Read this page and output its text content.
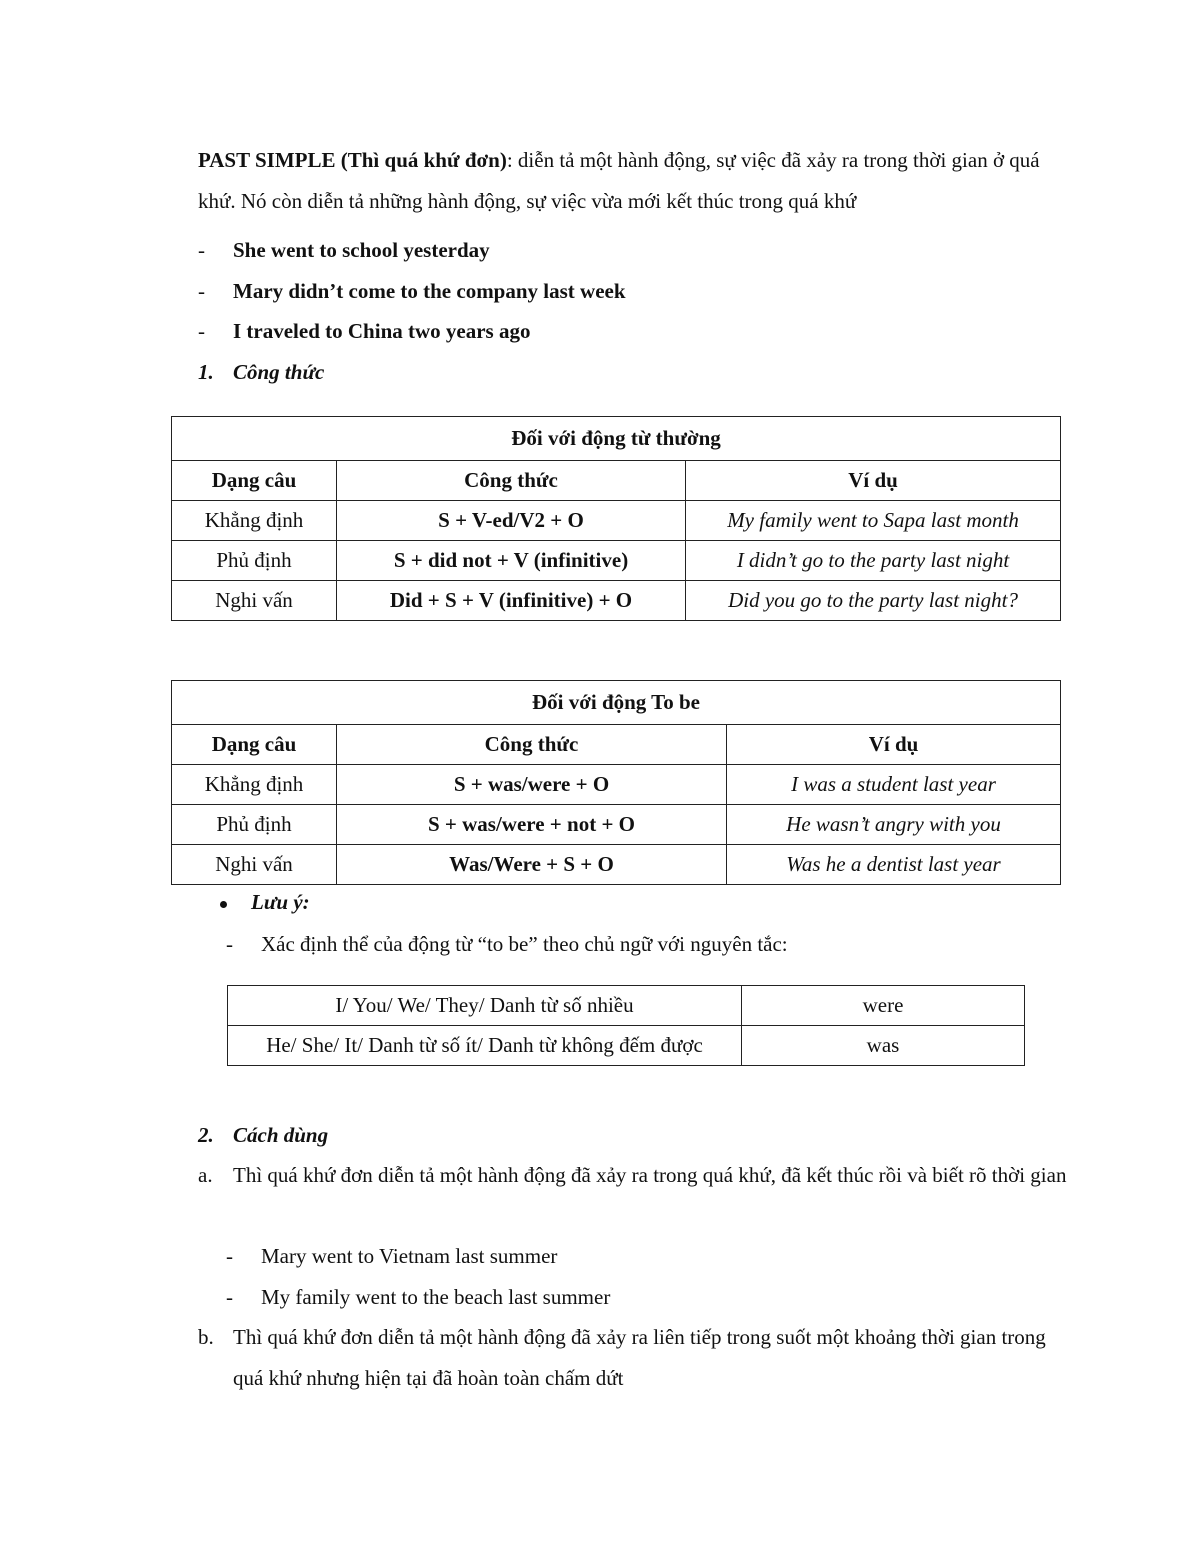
PAST SIMPLE (Thì quá khứ đơn): diễn tả một hành động, sự việc đã xảy ra trong thời gian ở quá khứ. Nó còn diễn tả những hành động, sự việc vừa mới kết thúc trong quá khứ
- She went to school yesterday
- Mary didn’t come to the company last week
- I traveled to China two years ago
1. Công thức
Đối với động từ thường		
Dạng câu	Công thức	Ví dụ
Khẳng định	S + V-ed/V2 + O	My family went to Sapa last month
Phủ định	S + did not + V (infinitive)	I didn’t go to the party last night
Nghi vấn	Did + S + V (infinitive) + O	Did you go to the party last night?
Đối với động To be		
Dạng câu	Công thức	Ví dụ
Khẳng định	S + was/were + O	I was a student last year
Phủ định	S + was/were + not + O	He wasn’t angry with you
Nghi vấn	Was/Were + S + O	Was he a dentist last year
Lưu ý:
- Xác định thể của động từ “to be” theo chủ ngữ với nguyên tắc:
I/ You/ We/ They/ Danh từ số nhiều	were
He/ She/ It/ Danh từ số ít/ Danh từ không đếm được	was
2. Cách dùng
a. Thì quá khứ đơn diễn tả một hành động đã xảy ra trong quá khứ, đã kết thúc rồi và biết rõ thời gian
- Mary went to Vietnam last summer
- My family went to the beach last summer
b. Thì quá khứ đơn diễn tả một hành động đã xảy ra liên tiếp trong suốt một khoảng thời gian trong quá khứ nhưng hiện tại đã hoàn toàn chấm dứt
